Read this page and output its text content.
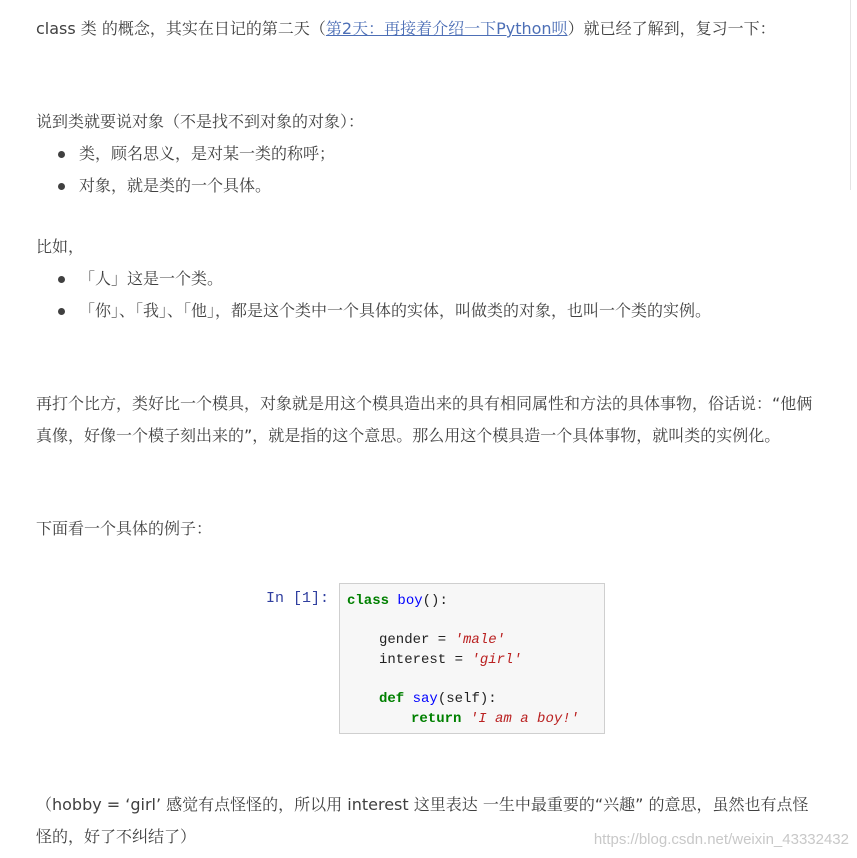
class 类 的概念，其实在日记的第二天（第2天：再接着介绍一下Python呗）就已经了解到，复习一下：

说到类就要说对象（不是找不到对象的对象）：

类，顾名思义，是对某一类的称呼；
对象，就是类的一个具体。

比如，

「人」这是一个类。
「你」、「我」、「他」，都是这个类中一个具体的实体，叫做类的对象，也叫一个类的实例。

再打个比方，类好比一个模具，对象就是用这个模具造出来的具有相同属性和方法的具体事物，俗话说：“他俩真像，好像一个模子刻出来的”，就是指的这个意思。那么用这个模具造一个具体事物，就叫类的实例化。

下面看一个具体的例子：

In [1]: class boy():
gender = 'male'
interest = 'girl'
def say(self):
return 'I am a boy!'

（hobby = ‘girl’ 感觉有点怪怪的，所以用 interest 这里表达 一生中最重要的“兴趣” 的意思，虽然也有点怪怪的，好了不纠结了）	https://blog.csdn.net/weixin_43332432
